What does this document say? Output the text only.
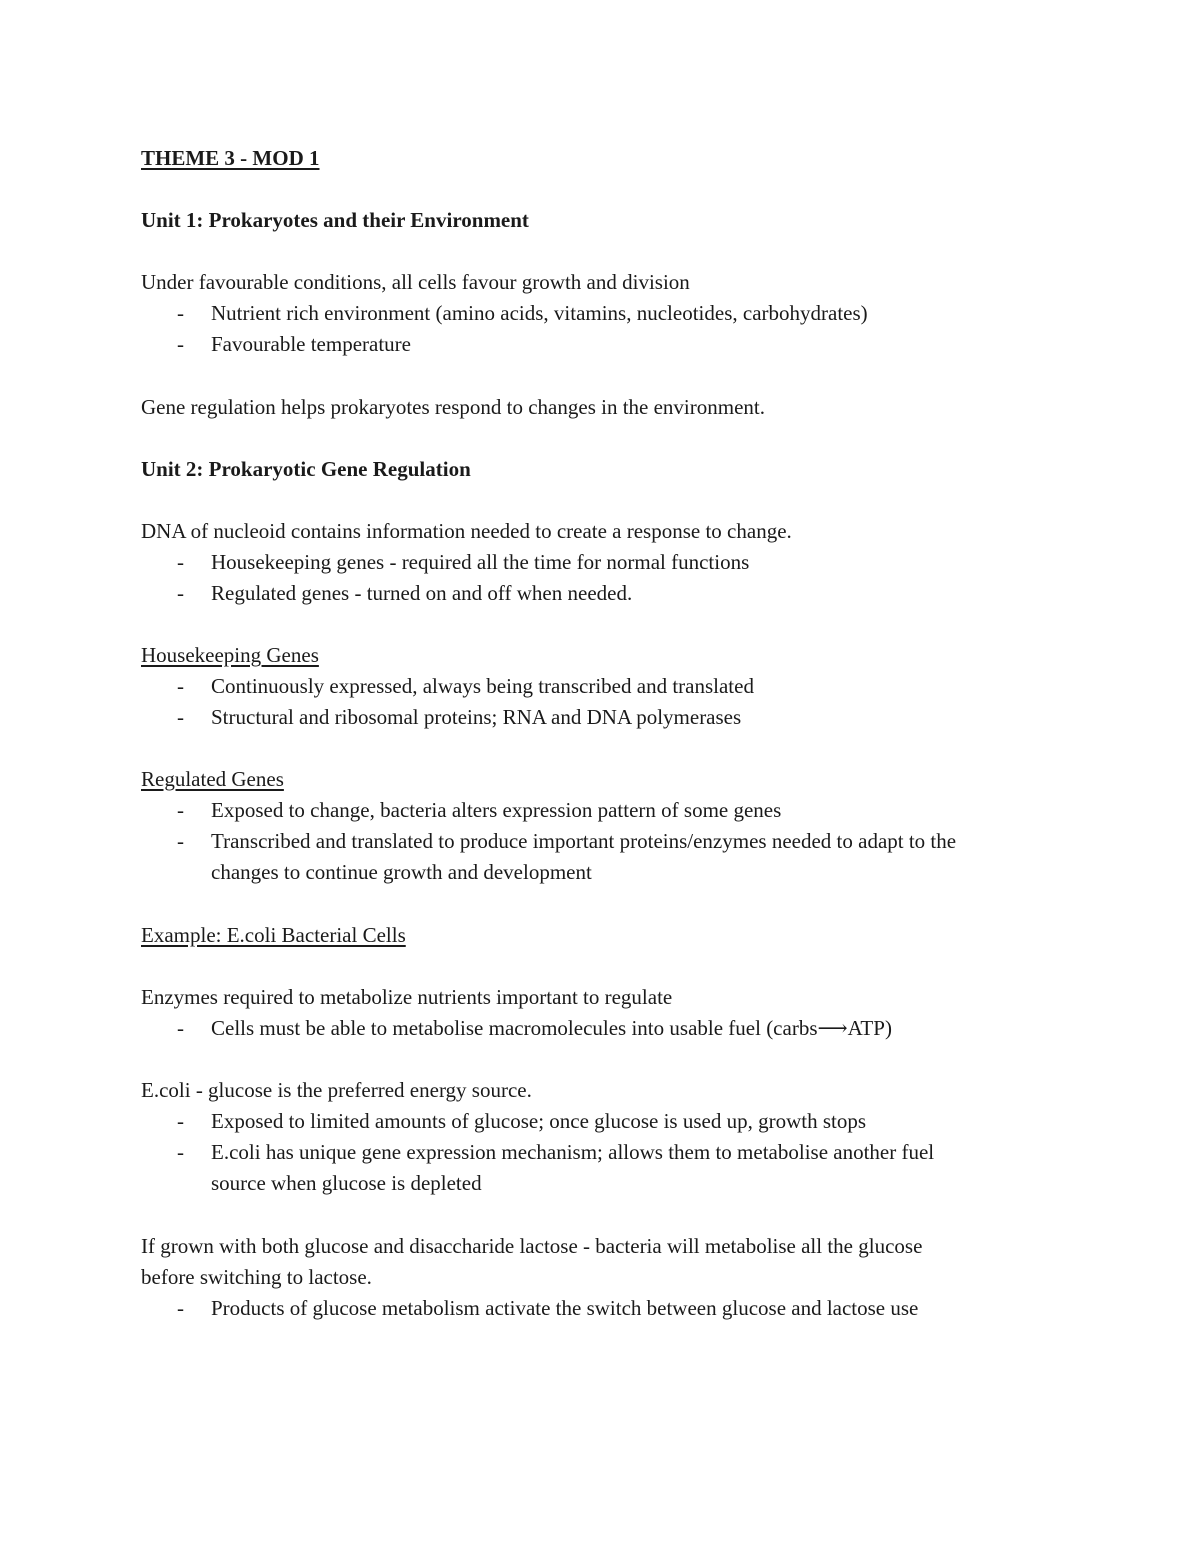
THEME 3 - MOD 1
Unit 1: Prokaryotes and their Environment
Under favourable conditions, all cells favour growth and division
- Nutrient rich environment (amino acids, vitamins, nucleotides, carbohydrates)
- Favourable temperature
Gene regulation helps prokaryotes respond to changes in the environment.
Unit 2: Prokaryotic Gene Regulation
DNA of nucleoid contains information needed to create a response to change.
- Housekeeping genes - required all the time for normal functions
- Regulated genes - turned on and off when needed.
Housekeeping Genes
- Continuously expressed, always being transcribed and translated
- Structural and ribosomal proteins; RNA and DNA polymerases
Regulated Genes
- Exposed to change, bacteria alters expression pattern of some genes
- Transcribed and translated to produce important proteins/enzymes needed to adapt to the
changes to continue growth and development
Example: E.coli Bacterial Cells
Enzymes required to metabolize nutrients important to regulate
- Cells must be able to metabolise macromolecules into usable fuel (carbs⟶ATP)
E.coli - glucose is the preferred energy source.
- Exposed to limited amounts of glucose; once glucose is used up, growth stops
- E.coli has unique gene expression mechanism; allows them to metabolise another fuel
source when glucose is depleted
If grown with both glucose and disaccharide lactose - bacteria will metabolise all the glucose
before switching to lactose.
- Products of glucose metabolism activate the switch between glucose and lactose use
